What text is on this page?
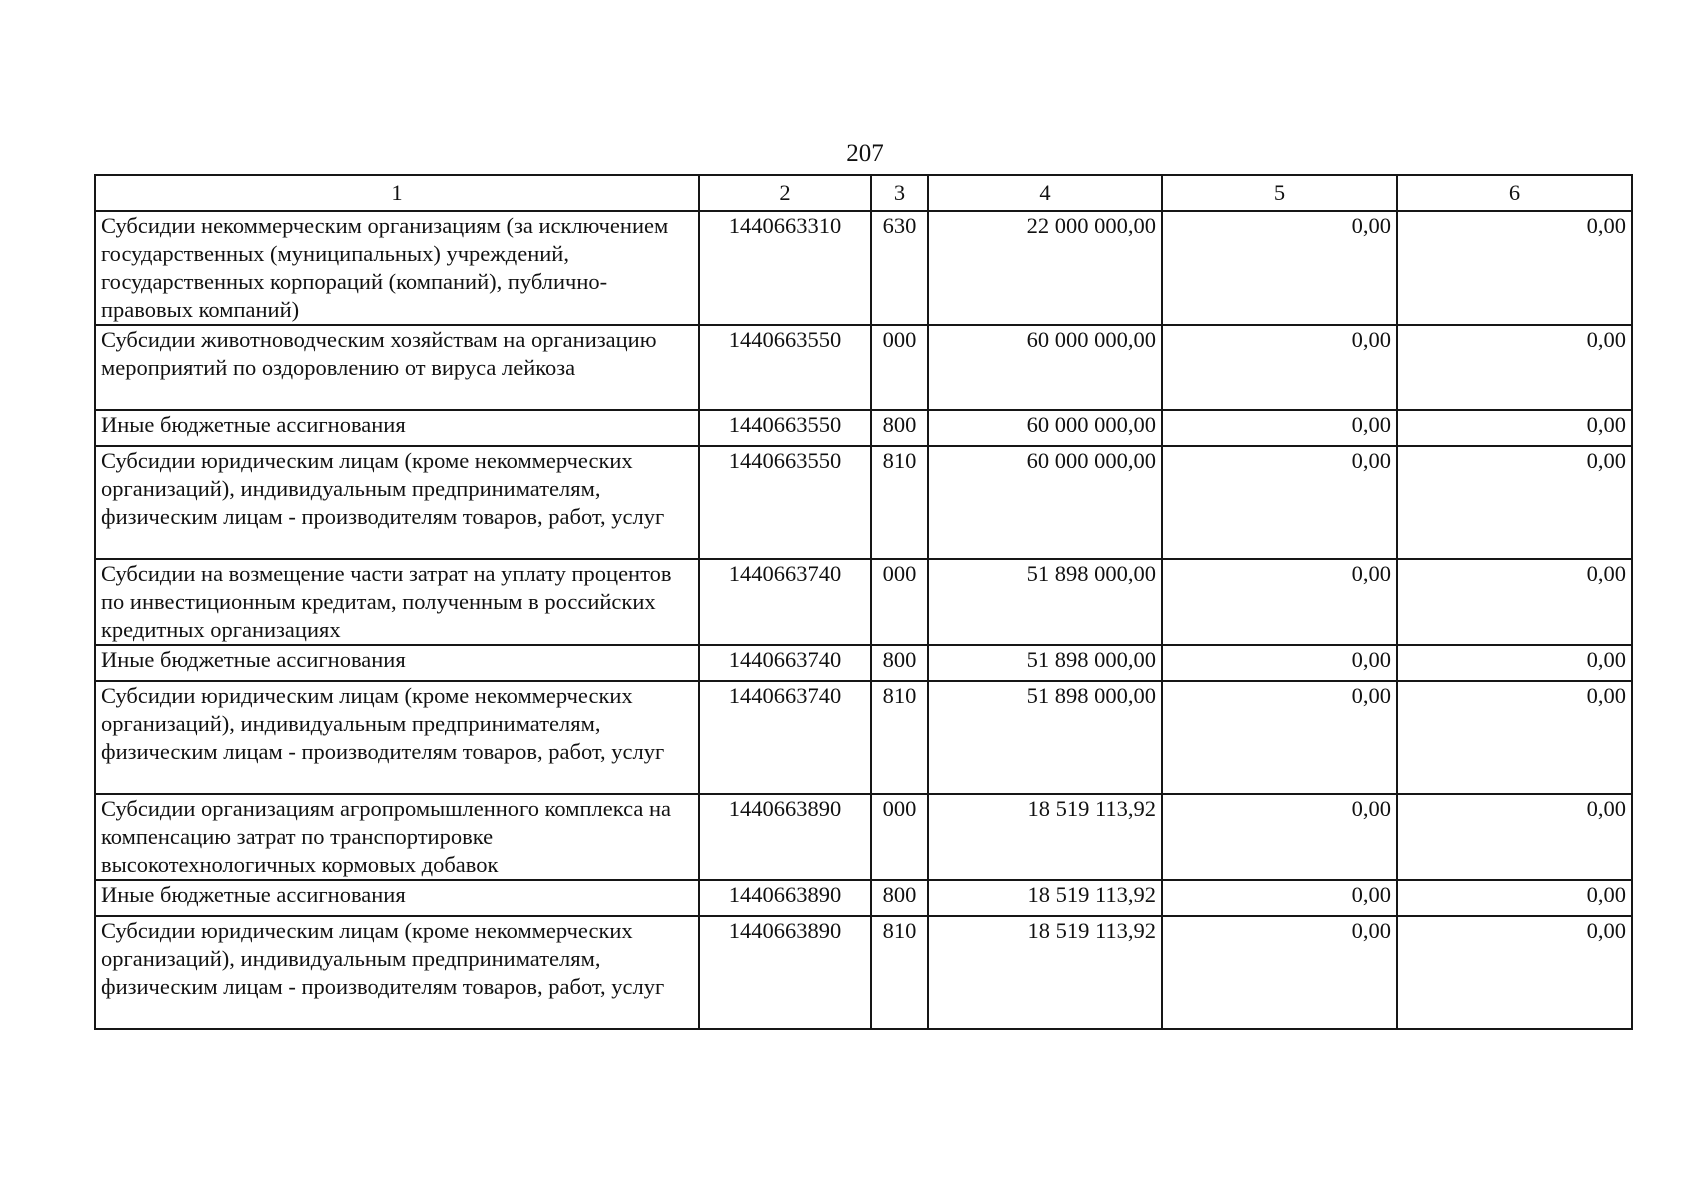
207
1	2	3	4	5	6
Субсидии некоммерческим организациям (за исключением государственных (муниципальных) учреждений, государственных корпораций (компаний), публично-правовых компаний)	1440663310	630	22 000 000,00	0,00	0,00
Субсидии животноводческим хозяйствам на организацию мероприятий по оздоровлению от вируса лейкоза	1440663550	000	60 000 000,00	0,00	0,00
Иные бюджетные ассигнования	1440663550	800	60 000 000,00	0,00	0,00
Субсидии юридическим лицам (кроме некоммерческих организаций), индивидуальным предпринимателям, физическим лицам - производителям товаров, работ, услуг	1440663550	810	60 000 000,00	0,00	0,00
Субсидии на возмещение части затрат на уплату процентов по инвестиционным кредитам, полученным в российских кредитных организациях	1440663740	000	51 898 000,00	0,00	0,00
Иные бюджетные ассигнования	1440663740	800	51 898 000,00	0,00	0,00
Субсидии юридическим лицам (кроме некоммерческих организаций), индивидуальным предпринимателям, физическим лицам - производителям товаров, работ, услуг	1440663740	810	51 898 000,00	0,00	0,00
Субсидии организациям агропромышленного комплекса на компенсацию затрат по транспортировке высокотехнологичных кормовых добавок	1440663890	000	18 519 113,92	0,00	0,00
Иные бюджетные ассигнования	1440663890	800	18 519 113,92	0,00	0,00
Субсидии юридическим лицам (кроме некоммерческих организаций), индивидуальным предпринимателям, физическим лицам - производителям товаров, работ, услуг	1440663890	810	18 519 113,92	0,00	0,00
